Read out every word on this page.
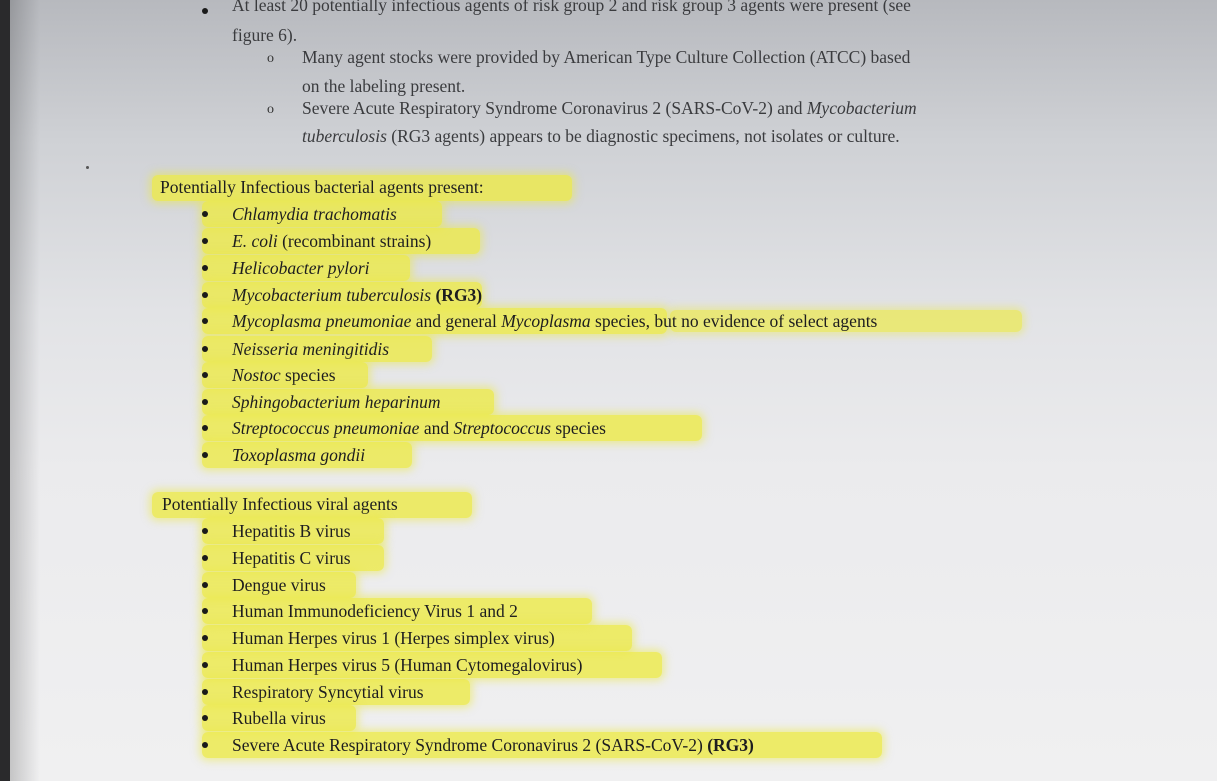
At least 20 potentially infectious agents of risk group 2 and risk group 3 agents were present (see
figure 6).
o Many agent stocks were provided by American Type Culture Collection (ATCC) based
on the labeling present.
o Severe Acute Respiratory Syndrome Coronavirus 2 (SARS-CoV-2) and Mycobacterium
tuberculosis (RG3 agents) appears to be diagnostic specimens, not isolates or culture.
Potentially Infectious bacterial agents present:
Chlamydia trachomatis
E. coli (recombinant strains)
Helicobacter pylori
Mycobacterium tuberculosis (RG3)
Mycoplasma pneumoniae and general Mycoplasma species, but no evidence of select agents
Neisseria meningitidis
Nostoc species
Sphingobacterium heparinum
Streptococcus pneumoniae and Streptococcus species
Toxoplasma gondii
Potentially Infectious viral agents
Hepatitis B virus
Hepatitis C virus
Dengue virus
Human Immunodeficiency Virus 1 and 2
Human Herpes virus 1 (Herpes simplex virus)
Human Herpes virus 5 (Human Cytomegalovirus)
Respiratory Syncytial virus
Rubella virus
Severe Acute Respiratory Syndrome Coronavirus 2 (SARS-CoV-2) (RG3)
